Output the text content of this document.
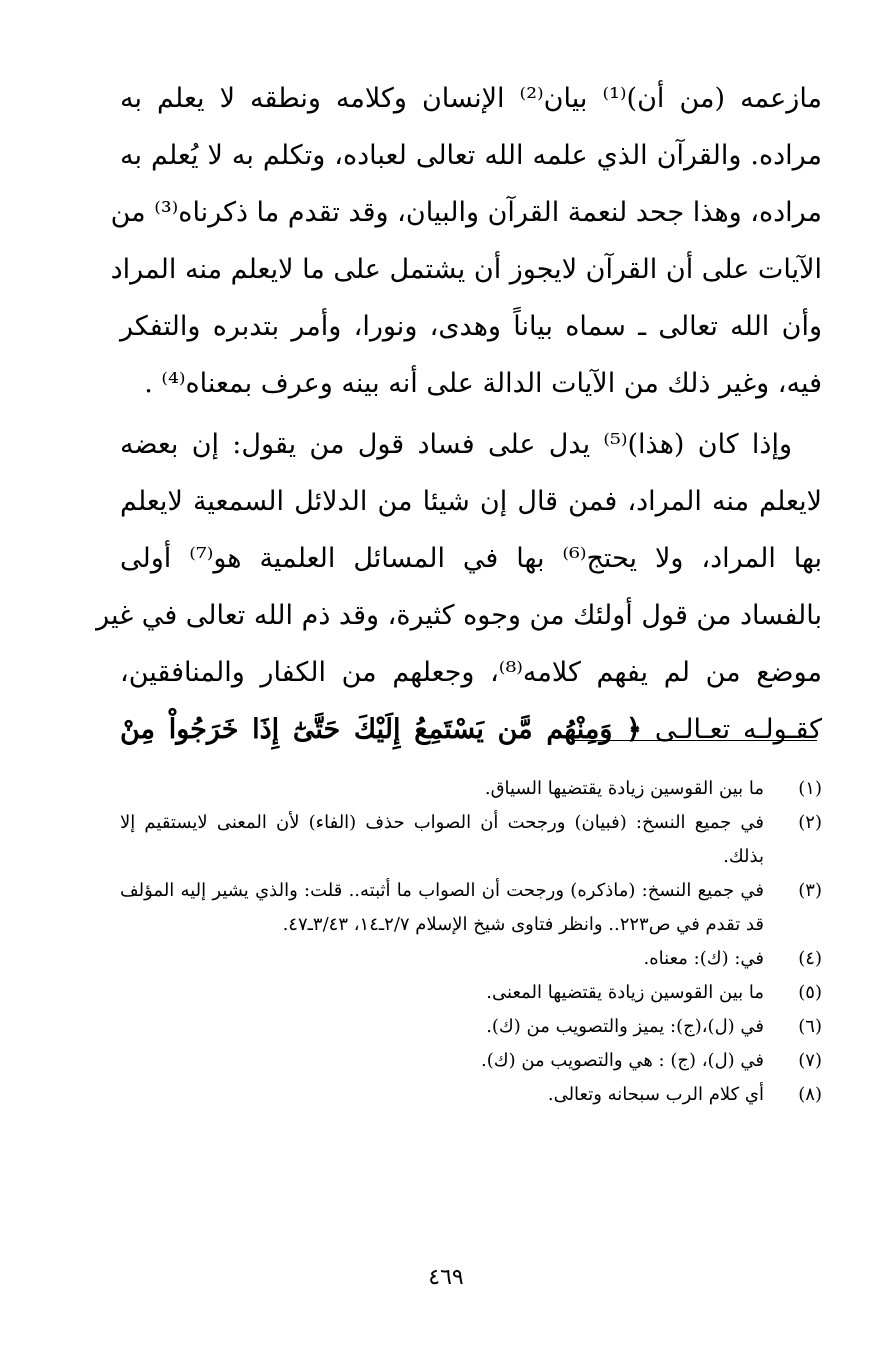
مازعمه (من أن)⁽¹⁾ بيان⁽²⁾ الإنسان وكلامه ونطقه لا يعلم به
مراده. والقرآن الذي علمه الله تعالى لعباده، وتكلم به لا يُعلم به
مراده، وهذا جحد لنعمة القرآن والبيان، وقد تقدم ما ذكرناه⁽³⁾ من
الآيات على أن القرآن لايجوز أن يشتمل على ما لايعلم منه المراد
وأن الله تعالى ـ سماه بياناً وهدى، ونورا، وأمر بتدبره والتفكر
فيه، وغير ذلك من الآيات الدالة على أنه بينه وعرف بمعناه⁽⁴⁾ .
وإذا كان (هذا)⁽⁵⁾ يدل على فساد قول من يقول: إن بعضه
لايعلم منه المراد، فمن قال إن شيئا من الدلائل السمعية لايعلم
بها المراد، ولا يحتج⁽⁶⁾ بها في المسائل العلمية هو⁽⁷⁾ أولى
بالفساد من قول أولئك من وجوه كثيرة، وقد ذم الله تعالى في غير
موضع من لم يفهم كلامه⁽⁸⁾، وجعلهم من الكفار والمنافقين،
كقـولـه تعـالـى ﴿ وَمِنْهُم مَّن يَسْتَمِعُ إِلَيْكَ حَتَّىٰٓ إِذَا خَرَجُواْ مِنْ
(١)
ما بين القوسين زيادة يقتضيها السياق.
(٢)
في جميع النسخ: (فبيان) ورجحت أن الصواب حذف (الفاء) لأن المعنى لايستقيم إلا بذلك.
(٣)
في جميع النسخ: (ماذكره) ورجحت أن الصواب ما أثبته.. قلت: والذي يشير إليه المؤلف قد تقدم في ص٢٢٣.. وانظر فتاوى شيخ الإسلام ٢/٧ـ١٤، ٣/٤٣ـ٤٧.
(٤)
في: (ك): معناه.
(٥)
ما بين القوسين زيادة يقتضيها المعنى.
(٦)
في (ل)،(ج): يميز والتصويب من (ك).
(٧)
في (ل)، (ج) : هي والتصويب من (ك).
(٨)
أي كلام الرب سبحانه وتعالى.
٤٦٩
